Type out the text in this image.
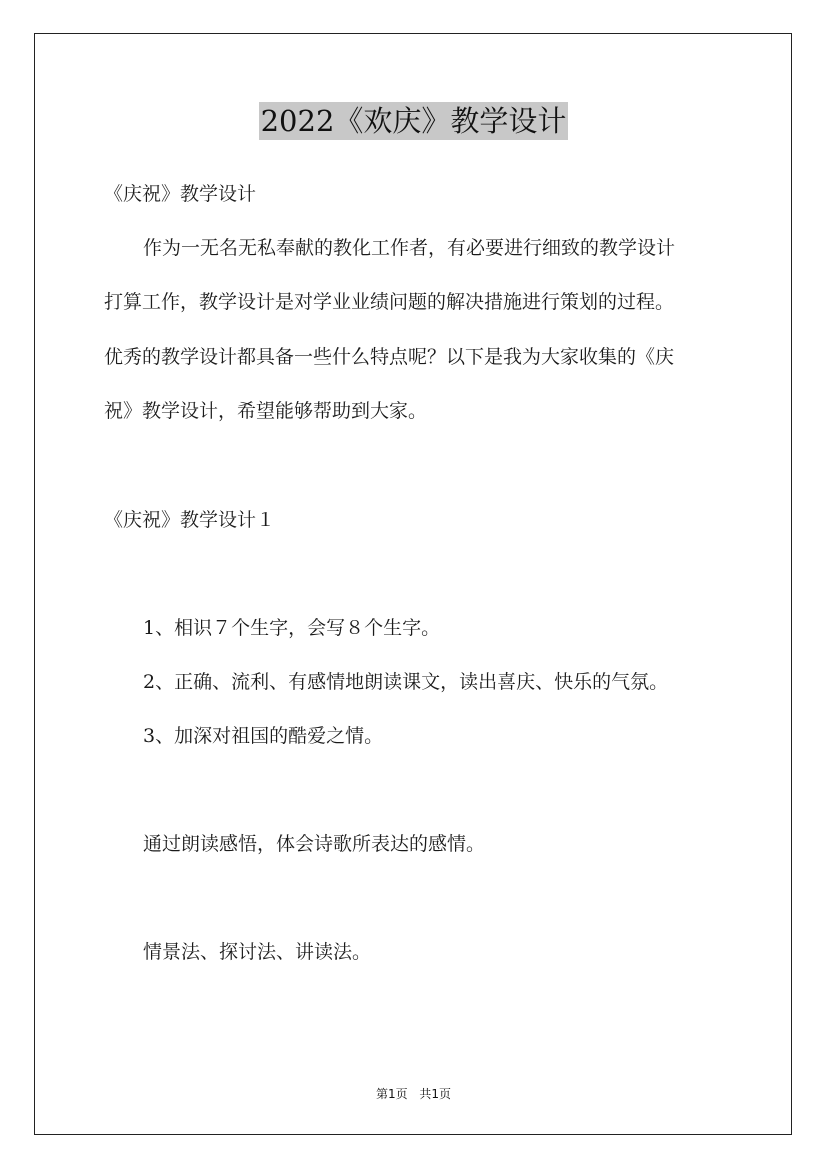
2022《欢庆》教学设计
《庆祝》教学设计
作为一无名无私奉献的教化工作者，有必要进行细致的教学设计
打算工作，教学设计是对学业业绩问题的解决措施进行策划的过程。
优秀的教学设计都具备一些什么特点呢？以下是我为大家收集的《庆
祝》教学设计，希望能够帮助到大家。
《庆祝》教学设计１
1、相识７个生字，会写８个生字。
2、正确、流利、有感情地朗读课文，读出喜庆、快乐的气氛。
3、加深对祖国的酷爱之情。
通过朗读感悟，体会诗歌所表达的感情。
情景法、探讨法、讲读法。
第1页 共1页
